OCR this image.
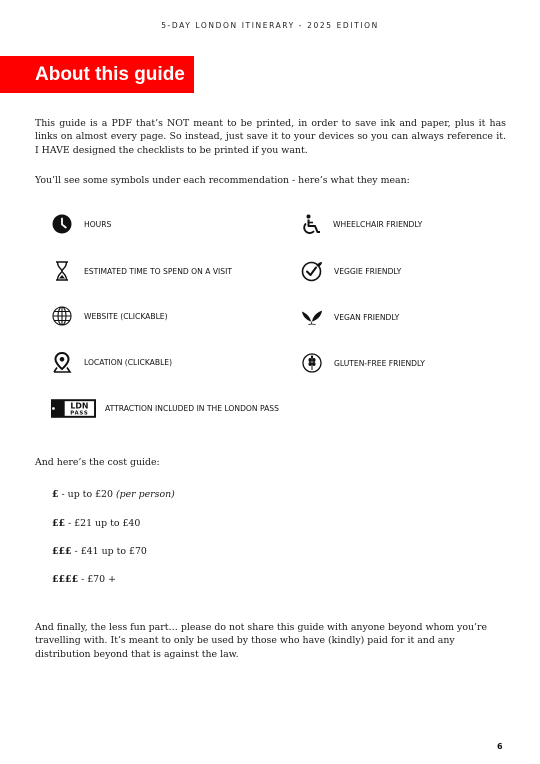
5-DAY LONDON ITINERARY - 2025 EDITION
About this guide
This guide is a PDF that’s NOT meant to be printed, in order to save ink and paper, plus it has links on almost every page. So instead, just save it to your devices so you can always reference it. I HAVE designed the checklists to be printed if you want.
You’ll see some symbols under each recommendation - here’s what they mean:
HOURS
ESTIMATED TIME TO SPEND ON A VISIT
WEBSITE (CLICKABLE)
LOCATION (CLICKABLE)
LDN
PASS
ATTRACTION INCLUDED IN THE LONDON PASS
WHEELCHAIR FRIENDLY
VEGGIE FRIENDLY
VEGAN FRIENDLY
GLUTEN-FREE FRIENDLY
And here’s the cost guide:
£ - up to £20 (per person)
££ - £21 up to £40
£££ - £41 up to £70
££££ - £70 +
And finally, the less fun part… please do not share this guide with anyone beyond whom you’re travelling with. It’s meant to only be used by those who have (kindly) paid for it and any distribution beyond that is against the law.
6
